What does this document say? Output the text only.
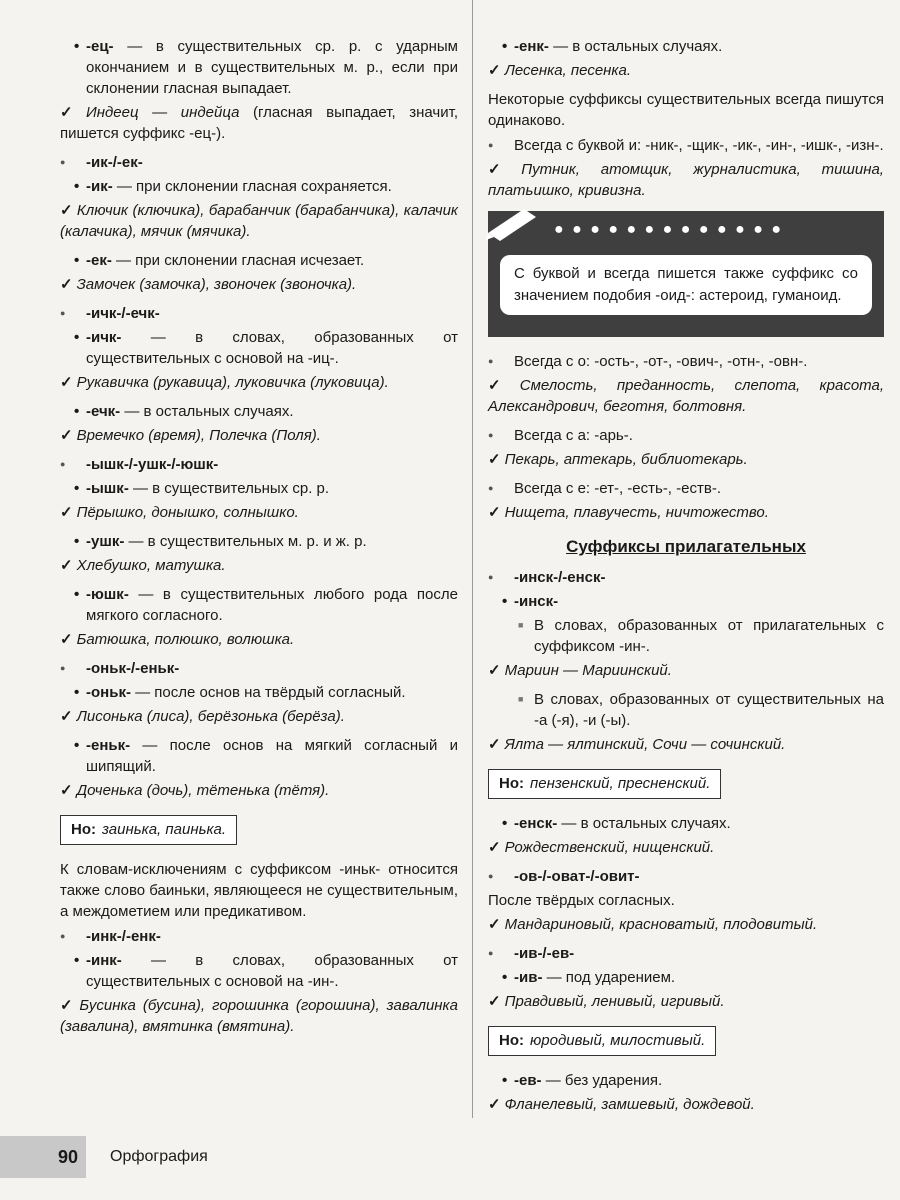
• -ец- — в существительных ср. р. с ударным окончанием и в существительных м. р., если при склонении гласная выпадает.
✓ Индеец — индейца (гласная выпадает, значит, пишется суффикс -ец-).
● -ик-/-ек-
• -ик- — при склонении гласная сохраняется.
✓ Ключик (ключика), барабанчик (барабанчика), калачик (калачика), мячик (мячика).
• -ек- — при склонении гласная исчезает.
✓ Замочек (замочка), звоночек (звоночка).
● -ичк-/-ечк-
• -ичк- — в словах, образованных от существительных с основой на -иц-.
✓ Рукавичка (рукавица), луковичка (луковица).
• -ечк- — в остальных случаях.
✓ Времечко (время), Полечка (Поля).
● -ышк-/-ушк-/-юшк-
• -ышк- — в существительных ср. р.
✓ Пёрышко, донышко, солнышко.
• -ушк- — в существительных м. р. и ж. р.
✓ Хлебушко, матушка.
• -юшк- — в существительных любого рода после мягкого согласного.
✓ Батюшка, полюшко, волюшка.
● -оньк-/-еньк-
• -оньк- — после основ на твёрдый согласный.
✓ Лисонька (лиса), берёзонька (берёза).
• -еньк- — после основ на мягкий согласный и шипящий.
✓ Доченька (дочь), тётенька (тётя).
Но: заинька, паинька.
К словам-исключениям с суффиксом -иньк- относится также слово баиньки, являющееся не существительным, а междометием или предикативом.
● -инк-/-енк-
• -инк- — в словах, образованных от существительных с основой на -ин-.
✓ Бусинка (бусина), горошинка (горошина), завалинка (завалина), вмятинка (вмятина).
• -енк- — в остальных случаях.
✓ Лесенка, песенка.
Некоторые суффиксы существительных всегда пишутся одинаково.
● Всегда с буквой и: -ник-, -щик-, -ик-, -ин-, -ишк-, -изн-.
✓ Путник, атомщик, журналистика, тишина, платьишко, кривизна.
● ● ● ● ● ● ● ● ● ● ● ● ●
С буквой и всегда пишется также суффикс со значением подобия -оид-: астероид, гуманоид.
● Всегда с о: -ость-, -от-, -ович-, -отн-, -овн-.
✓ Смелость, преданность, слепота, красота, Александрович, беготня, болтовня.
● Всегда с а: -арь-.
✓ Пекарь, аптекарь, библиотекарь.
● Всегда с е: -ет-, -есть-, -еств-.
✓ Нищета, плавучесть, ничтожество.
Суффиксы прилагательных
● -инск-/-енск-
• -инск-
■ В словах, образованных от прилагательных с суффиксом -ин-.
✓ Мариин — Мариинский.
■ В словах, образованных от существительных на -а (-я), -и (-ы).
✓ Ялта — ялтинский, Сочи — сочинский.
Но: пензенский, пресненский.
• -енск- — в остальных случаях.
✓ Рождественский, нищенский.
● -ов-/-оват-/-овит-
После твёрдых согласных.
✓ Мандариновый, красноватый, плодовитый.
● -ив-/-ев-
• -ив- — под ударением.
✓ Правдивый, ленивый, игривый.
Но: юродивый, милостивый.
• -ев- — без ударения.
✓ Фланелевый, замшевый, дождевой.
90	Орфография
